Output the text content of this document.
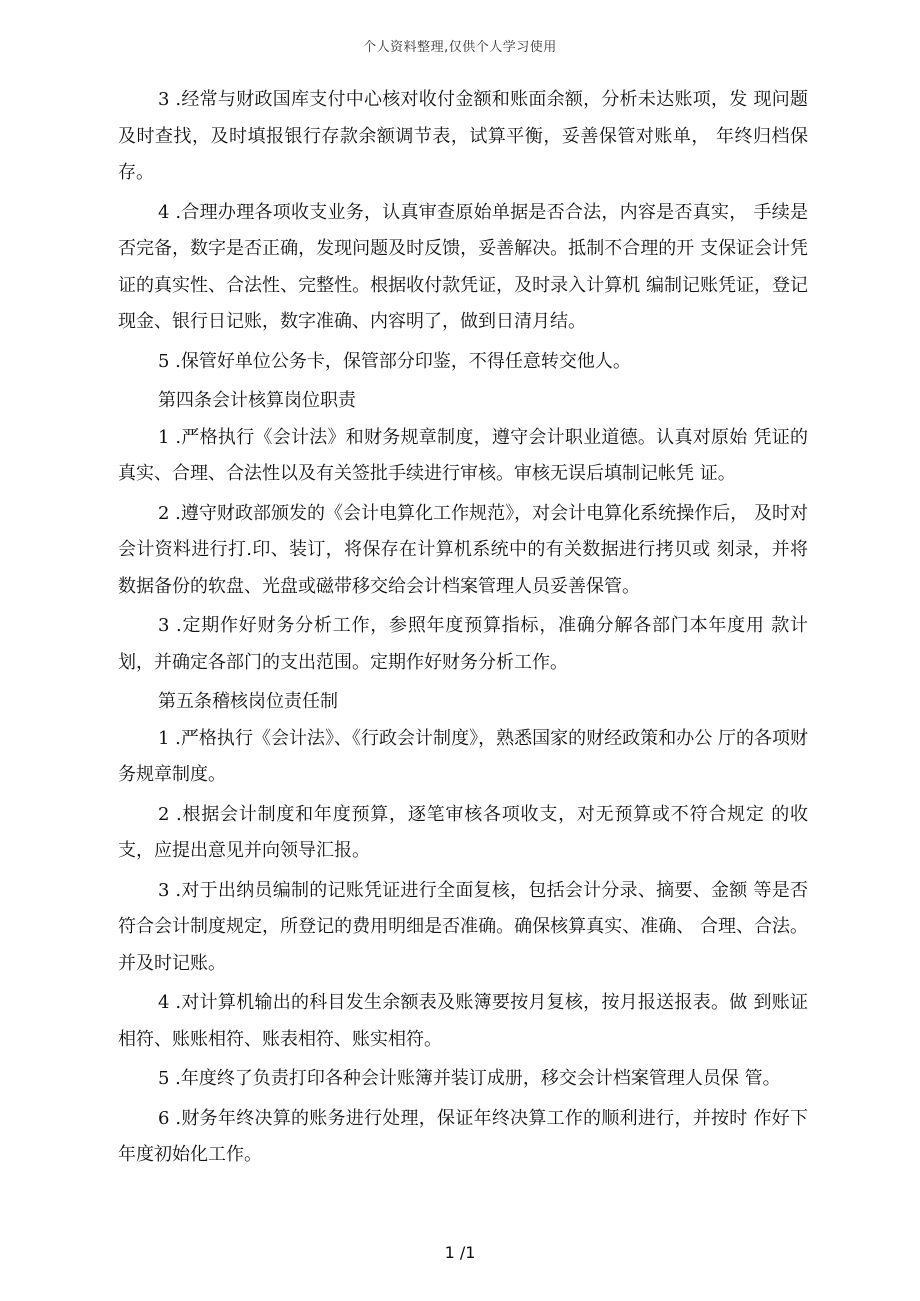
个人资料整理,仅供个人学习使用

3 .经常与财政国库支付中心核对收付金额和账面余额，分析未达账项，发 现问题及时查找，及时填报银行存款余额调节表，试算平衡，妥善保管对账单， 年终归档保存。

4 .合理办理各项收支业务，认真审查原始单据是否合法，内容是否真实， 手续是否完备，数字是否正确，发现问题及时反馈，妥善解决。抵制不合理的开 支保证会计凭证的真实性、合法性、完整性。根据收付款凭证，及时录入计算机 编制记账凭证，登记现金、银行日记账，数字准确、内容明了，做到日清月结。

5 .保管好单位公务卡，保管部分印鉴，不得任意转交他人。

第四条会计核算岗位职责

1 .严格执行《会计法》和财务规章制度，遵守会计职业道德。认真对原始 凭证的真实、合理、合法性以及有关签批手续进行审核。审核无误后填制记帐凭 证。

2 .遵守财政部颁发的《会计电算化工作规范》，对会计电算化系统操作后， 及时对会计资料进行打.印、装订，将保存在计算机系统中的有关数据进行拷贝或 刻录，并将数据备份的软盘、光盘或磁带移交给会计档案管理人员妥善保管。

3 .定期作好财务分析工作，参照年度预算指标，准确分解各部门本年度用 款计划，并确定各部门的支出范围。定期作好财务分析工作。

第五条稽核岗位责任制

1 .严格执行《会计法》、《行政会计制度》，熟悉国家的财经政策和办公 厅的各项财务规章制度。

2 .根据会计制度和年度预算，逐笔审核各项收支，对无预算或不符合规定 的收支，应提出意见并向领导汇报。

3 .对于出纳员编制的记账凭证进行全面复核，包括会计分录、摘要、金额 等是否符合会计制度规定，所登记的费用明细是否准确。确保核算真实、准确、 合理、合法。并及时记账。

4 .对计算机输出的科目发生余额表及账簿要按月复核，按月报送报表。做 到账证相符、账账相符、账表相符、账实相符。

5 .年度终了负责打印各种会计账簿并装订成册，移交会计档案管理人员保 管。

6 .财务年终决算的账务进行处理，保证年终决算工作的顺利进行，并按时 作好下年度初始化工作。

1 /1
